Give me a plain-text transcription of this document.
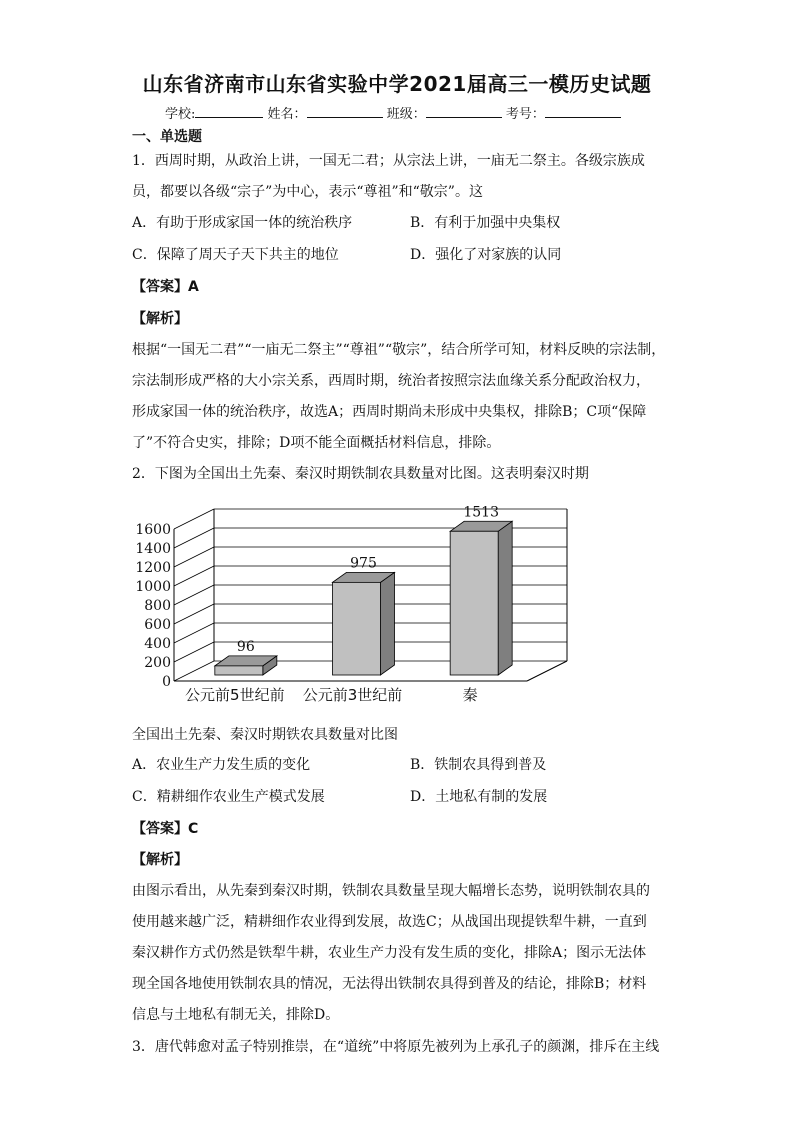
山东省济南市山东省实验中学2021届高三一模历史试题
学校:	姓名：	班级：	考号：
一、单选题
1．西周时期，从政治上讲，一国无二君；从宗法上讲，一庙无二祭主。各级宗族成
员，都要以各级“宗子”为中心，表示“尊祖”和“敬宗”。这
A．有助于形成家国一体的统治秩序	B．有利于加强中央集权
C．保障了周天子天下共主的地位	D．强化了对家族的认同
【答案】A
【解析】
根据“一国无二君”“一庙无二祭主”“尊祖”“敬宗”，结合所学可知，材料反映的宗法制，
宗法制形成严格的大小宗关系，西周时期，统治者按照宗法血缘关系分配政治权力，
形成家国一体的统治秩序，故选A；西周时期尚未形成中央集权，排除B；C项“保障
了”不符合史实，排除；D项不能全面概括材料信息，排除。
2．下图为全国出土先秦、秦汉时期铁制农具数量对比图。这表明秦汉时期
0
200
400
600
800
1000
1200
1400
1600
96
975
1513
公元前5世纪前 公元前3世纪前	秦
全国出土先秦、秦汉时期铁农具数量对比图
A．农业生产力发生质的变化	B．铁制农具得到普及
C．精耕细作农业生产模式发展	D．土地私有制的发展
【答案】C
【解析】
由图示看出，从先秦到秦汉时期，铁制农具数量呈现大幅增长态势，说明铁制农具的
使用越来越广泛，精耕细作农业得到发展，故选C；从战国出现提铁犁牛耕，一直到
秦汉耕作方式仍然是铁犁牛耕，农业生产力没有发生质的变化，排除A；图示无法体
现全国各地使用铁制农具的情况，无法得出铁制农具得到普及的结论，排除B；材料
信息与土地私有制无关，排除D。
3．唐代韩愈对孟子特别推崇，在“道统”中将原先被列为上承孔子的颜渊，排斥在主线
